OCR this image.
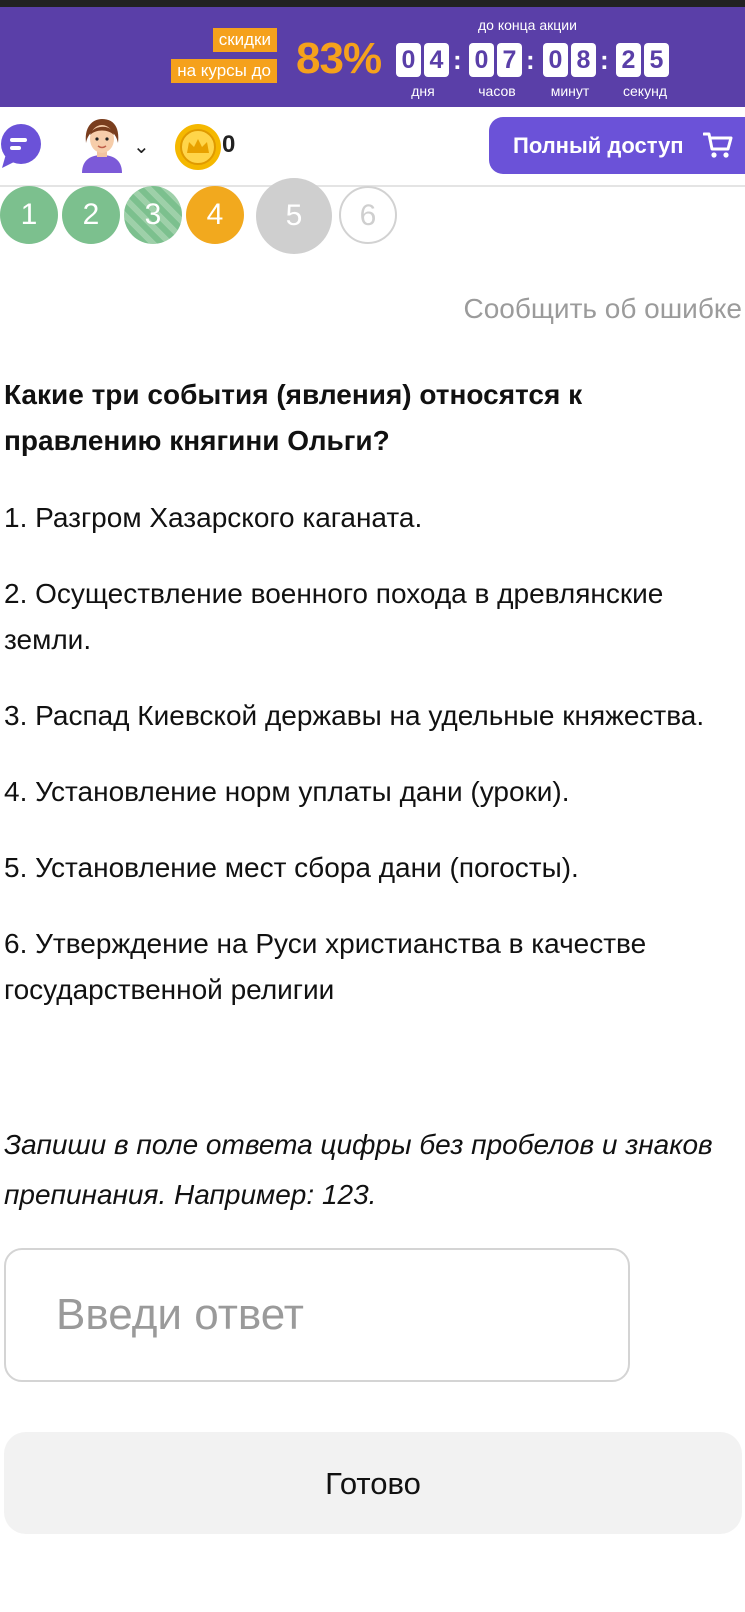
скидки
на курсы до 83%
до конца акции
0 4 : 0 7 : 0 8 : 2 5
дня	часов	минут	секунд
⌄	0	Полный доступ
1	2	3	4	5	6
Сообщить об ошибке
Какие три события (явления) относятся к правлению княгини Ольги?

1. Разгром Хазарского каганата.

2. Осуществление военного похода в древлянские земли.

3. Распад Киевской державы на удельные княжества.

4. Установление норм уплаты дани (уроки).

5. Установление мест сбора дани (погосты).

6. Утверждение на Руси христианства в качестве государственной религии

Запиши в поле ответа цифры без пробелов и знаков
препинания. Например: 123.
Введи ответ
Готово
